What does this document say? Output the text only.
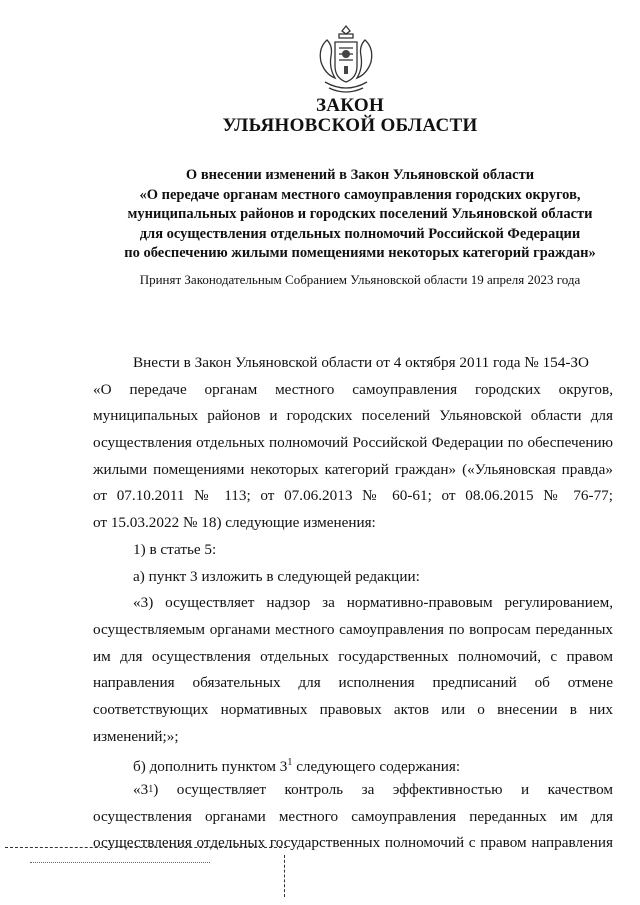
ЗАКОН
УЛЬЯНОВСКОЙ ОБЛАСТИ
О внесении изменений в Закон Ульяновской области
«О передаче органам местного самоуправления городских округов,
муниципальных районов и городских поселений Ульяновской области
для осуществления отдельных полномочий Российской Федерации
по обеспечению жилыми помещениями некоторых категорий граждан»
Принят Законодательным Собранием Ульяновской области 19 апреля 2023 года
Внести в Закон Ульяновской области от 4 октября 2011 года № 154-ЗО
«О передаче органам местного самоуправления городских округов,
муниципальных районов и городских поселений Ульяновской области для
осуществления отдельных полномочий Российской Федерации по обеспечению
жилыми помещениями некоторых категорий граждан» («Ульяновская правда»
от 07.10.2011 № 113; от 07.06.2013 № 60-61; от 08.06.2015 № 76-77;
от 15.03.2022 № 18) следующие изменения:
1) в статье 5:
а) пункт 3 изложить в следующей редакции:
«3) осуществляет надзор за нормативно-правовым регулированием,
осуществляемым органами местного самоуправления по вопросам переданных
им для осуществления отдельных государственных полномочий, с правом
направления обязательных для исполнения предписаний об отмене
соответствующих нормативных правовых актов или о внесении в них
изменений;»;
б) дополнить пунктом $3^1$ следующего содержания:
«3 1 ) осуществляет контроль за эффективностью и качеством
осуществления органами местного самоуправления переданных им для
осуществления отдельных государственных полномочий с правом направления
